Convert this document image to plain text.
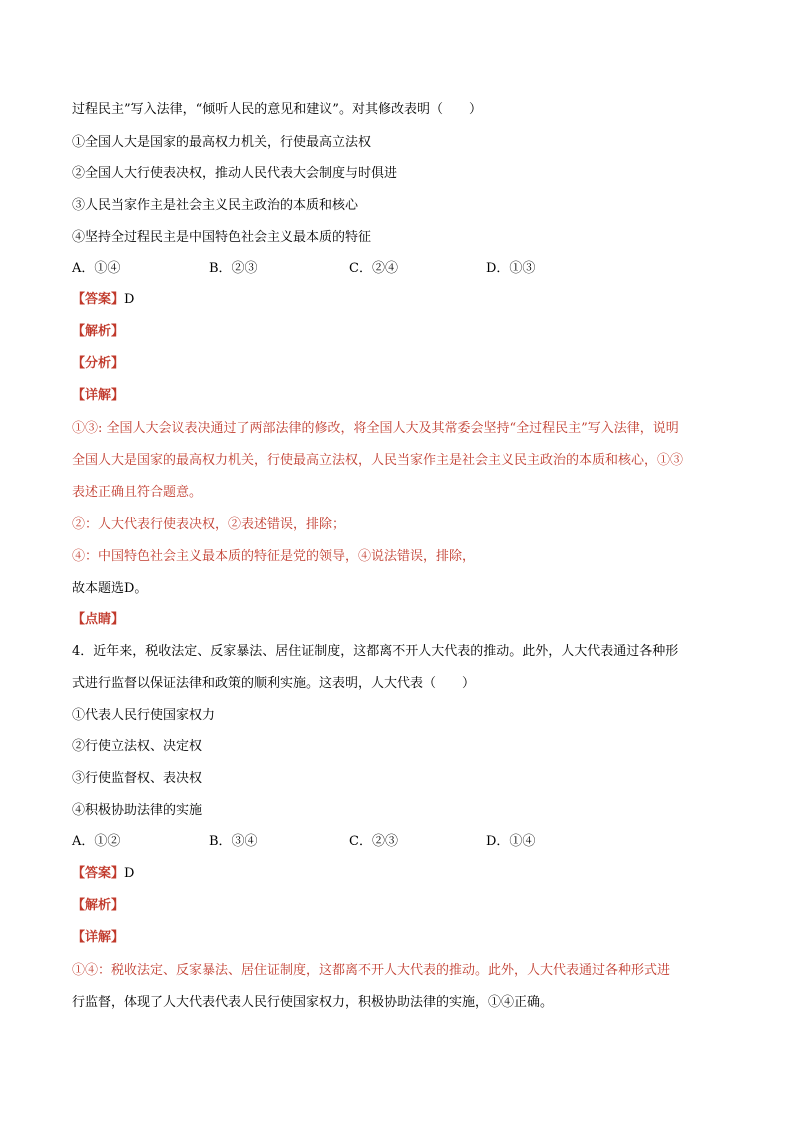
过程民主”写入法律，“倾听人民的意见和建议”。对其修改表明（　　）
①全国人大是国家的最高权力机关，行使最高立法权
②全国人大行使表决权，推动人民代表大会制度与时俱进
③人民当家作主是社会主义民主政治的本质和核心
④坚持全过程民主是中国特色社会主义最本质的特征
A．①④	B．②③	C．②④	D．①③
【答案】D
【解析】
【分析】
【详解】
①③: 全国人大会议表决通过了两部法律的修改，将全国人大及其常委会坚持“全过程民主”写入法律，说明
全国人大是国家的最高权力机关，行使最高立法权，人民当家作主是社会主义民主政治的本质和核心，①③
表述正确且符合题意。
②：人大代表行使表决权，②表述错误，排除；
④：中国特色社会主义最本质的特征是党的领导，④说法错误，排除，
故本题选D。
【点睛】
4．近年来，税收法定、反家暴法、居住证制度，这都离不开人大代表的推动。此外，人大代表通过各种形
式进行监督以保证法律和政策的顺利实施。这表明，人大代表（　　）
①代表人民行使国家权力
②行使立法权、决定权
③行使监督权、表决权
④积极协助法律的实施
A．①②	B．③④	C．②③	D．①④
【答案】D
【解析】
【详解】
①④：税收法定、反家暴法、居住证制度，这都离不开人大代表的推动。此外，人大代表通过各种形式进
行监督，体现了人大代表代表人民行使国家权力，积极协助法律的实施，①④正确。
